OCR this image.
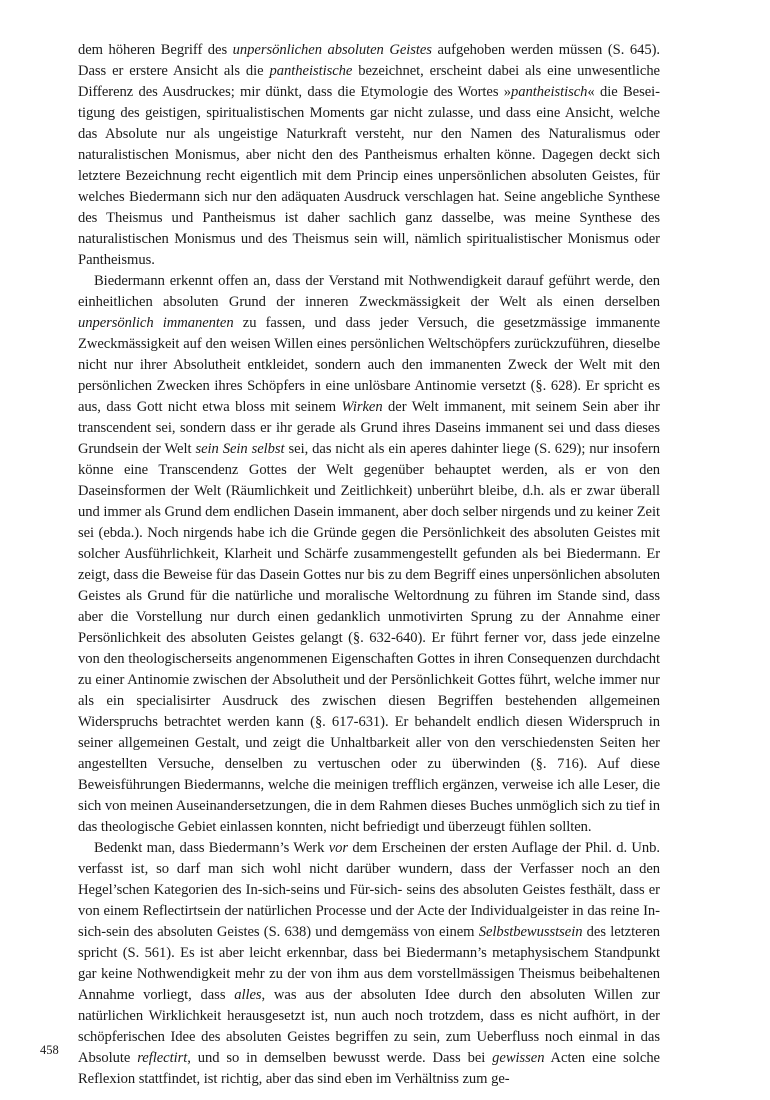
dem höheren Begriff des unpersönlichen absoluten Geistes aufgehoben werden müssen (S. 645). Dass er erstere Ansicht als die pantheistische bezeichnet, erscheint dabei als eine unwesentliche Differenz des Ausdruckes; mir dünkt, dass die Etymologie des Wortes »pantheistisch« die Beseitigung des geistigen, spiritualistischen Moments gar nicht zulasse, und dass eine Ansicht, welche das Absolute nur als ungeistige Naturkraft versteht, nur den Namen des Naturalismus oder naturalistischen Monismus, aber nicht den des Pantheismus erhalten könne. Dagegen deckt sich letztere Bezeichnung recht eigentlich mit dem Princip eines unpersönlichen absoluten Geistes, für welches Biedermann sich nur den adäquaten Ausdruck verschlagen hat. Seine angebliche Synthese des Theismus und Pantheismus ist daher sachlich ganz dasselbe, was meine Synthese des naturalistischen Monismus und des Theismus sein will, nämlich spiritualistischer Monismus oder Pantheismus.

Biedermann erkennt offen an, dass der Verstand mit Nothwendigkeit darauf geführt werde, den einheitlichen absoluten Grund der inneren Zweckmässigkeit der Welt als einen derselben unpersönlich immanenten zu fassen, und dass jeder Versuch, die gesetzmässige immanente Zweckmässigkeit auf den weisen Willen eines persönlichen Weltschöpfers zurückzuführen, dieselbe nicht nur ihrer Absolutheit entkleidet, sondern auch den immanenten Zweck der Welt mit den persönlichen Zwecken ihres Schöpfers in eine unlösbare Antinomie versetzt (§. 628). Er spricht es aus, dass Gott nicht etwa bloss mit seinem Wirken der Welt immanent, mit seinem Sein aber ihr transcendent sei, sondern dass er ihr gerade als Grund ihres Daseins immanent sei und dass dieses Grundsein der Welt sein Sein selbst sei, das nicht als ein aperes dahinter liege (S. 629); nur insofern könne eine Transcendenz Gottes der Welt gegenüber behauptet werden, als er von den Daseinsformen der Welt (Räumlichkeit und Zeitlichkeit) unberührt bleibe, d.h. als er zwar überall und immer als Grund dem endlichen Dasein immanent, aber doch selber nirgends und zu keiner Zeit sei (ebda.). Noch nirgends habe ich die Gründe gegen die Persönlichkeit des absoluten Geistes mit solcher Ausführlichkeit, Klarheit und Schärfe zusammengestellt gefunden als bei Biedermann. Er zeigt, dass die Beweise für das Dasein Gottes nur bis zu dem Begriff eines unpersönlichen absoluten Geistes als Grund für die natürliche und moralische Weltordnung zu führen im Stande sind, dass aber die Vorstellung nur durch einen gedanklich unmotivirten Sprung zu der Annahme einer Persönlichkeit des absoluten Geistes gelangt (§. 632-640). Er führt ferner vor, dass jede einzelne von den theologischerseits angenommenen Eigenschaften Gottes in ihren Consequenzen durchdacht zu einer Antinomie zwischen der Absolutheit und der Persönlichkeit Gottes führt, welche immer nur als ein specialisirter Ausdruck des zwischen diesen Begriffen bestehenden allgemeinen Widerspruchs betrachtet werden kann (§. 617-631). Er behandelt endlich diesen Widerspruch in seiner allgemeinen Gestalt, und zeigt die Unhaltbarkeit aller von den verschiedensten Seiten her angestellten Versuche, denselben zu vertuschen oder zu überwinden (§. 716). Auf diese Beweisführungen Biedermanns, welche die meinigen trefflich ergänzen, verweise ich alle Leser, die sich von meinen Auseinandersetzungen, die in dem Rahmen dieses Buches unmöglich sich zu tief in das theologische Gebiet einlassen konnten, nicht befriedigt und überzeugt fühlen sollten.

Bedenkt man, dass Biedermann’s Werk vor dem Erscheinen der ersten Auflage der Phil. d. Unb. verfasst ist, so darf man sich wohl nicht darüber wundern, dass der Verfasser noch an den Hegel’schen Kategorien des In-sich-seins und Für-sich- seins des absoluten Geistes festhält, dass er von einem Reflectirtsein der natürlichen Processe und der Acte der Individualgeister in das reine In-sich-sein des absoluten Geistes (S. 638) und demgemäss von einem Selbstbewusstsein des letzteren spricht (S. 561). Es ist aber leicht erkennbar, dass bei Biedermann’s metaphysischem Standpunkt gar keine Nothwendigkeit mehr zu der von ihm aus dem vorstellmässigen Theismus beibehaltenen Annahme vorliegt, dass alles, was aus der absoluten Idee durch den absoluten Willen zur natürlichen Wirklichkeit herausgesetzt ist, nun auch noch trotzdem, dass es nicht aufhört, in der schöpferischen Idee des absoluten Geistes begriffen zu sein, zum Ueberfluss noch einmal in das Absolute reflectirt, und so in demselben bewusst werde. Dass bei gewissen Acten eine solche Reflexion stattfindet, ist richtig, aber das sind eben im Verhältniss zum ge-

458
